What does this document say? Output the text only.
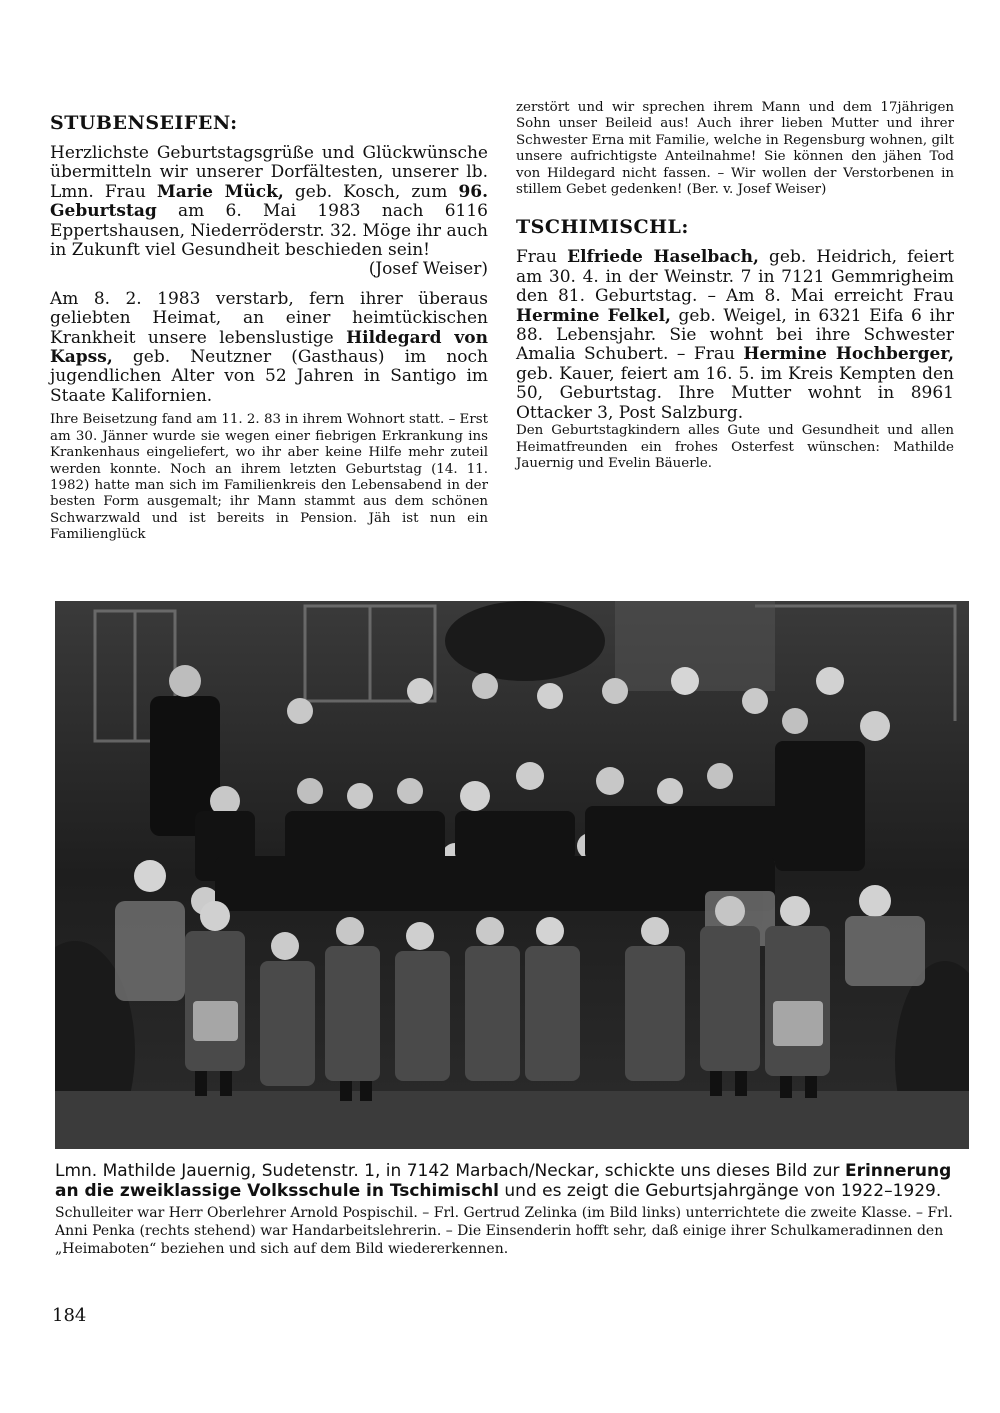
STUBENSEIFEN:

Herzlichste Geburtstagsgrüße und Glückwünsche übermitteln wir unserer Dorfältesten, unserer lb. Lmn. Frau Marie Mück, geb. Kosch, zum 96. Geburtstag am 6. Mai 1983 nach 6116 Eppertshausen, Niederröderstr. 32. Möge ihr auch in Zukunft viel Gesundheit beschieden sein!
(Josef Weiser)

Am 8. 2. 1983 verstarb, fern ihrer überaus geliebten Heimat, an einer heimtückischen Krankheit unsere lebenslustige Hildegard von Kapss, geb. Neutzner (Gasthaus) im noch jugendlichen Alter von 52 Jahren in Santigo im Staate Kalifornien.

Ihre Beisetzung fand am 11. 2. 83 in ihrem Wohnort statt. – Erst am 30. Jänner wurde sie wegen einer fiebrigen Erkrankung ins Krankenhaus eingeliefert, wo ihr aber keine Hilfe mehr zuteil werden konnte. Noch an ihrem letzten Geburtstag (14. 11. 1982) hatte man sich im Familienkreis den Lebensabend in der besten Form ausgemalt; ihr Mann stammt aus dem schönen Schwarzwald und ist bereits in Pension. Jäh ist nun ein Familienglück

zerstört und wir sprechen ihrem Mann und dem 17jährigen Sohn unser Beileid aus! Auch ihrer lieben Mutter und ihrer Schwester Erna mit Familie, welche in Regensburg wohnen, gilt unsere aufrichtigste Anteilnahme! Sie können den jähen Tod von Hildegard nicht fassen. – Wir wollen der Verstorbenen in stillem Gebet gedenken! (Ber. v. Josef Weiser)

TSCHIMISCHL:

Frau Elfriede Haselbach, geb. Heidrich, feiert am 30. 4. in der Weinstr. 7 in 7121 Gemmrigheim den 81. Geburtstag. – Am 8. Mai erreicht Frau Hermine Felkel, geb. Weigel, in 6321 Eifa 6 ihr 88. Lebensjahr. Sie wohnt bei ihre Schwester Amalia Schubert. – Frau Hermine Hochberger, geb. Kauer, feiert am 16. 5. im Kreis Kempten den 50, Geburtstag. Ihre Mutter wohnt in 8961 Ottacker 3, Post Salzburg.

Den Geburtstagkindern alles Gute und Gesundheit und allen Heimatfreunden ein frohes Osterfest wünschen: Mathilde Jauernig und Evelin Bäuerle.

Lmn. Mathilde Jauernig, Sudetenstr. 1, in 7142 Marbach/Neckar, schickte uns dieses Bild zur Erinnerung an die zweiklassige Volksschule in Tschimischl und es zeigt die Geburtsjahrgänge von 1922–1929.

Schulleiter war Herr Oberlehrer Arnold Pospischil. – Frl. Gertrud Zelinka (im Bild links) unterrichtete die zweite Klasse. – Frl. Anni Penka (rechts stehend) war Handarbeitslehrerin. – Die Einsenderin hofft sehr, daß einige ihrer Schulkameradinnen den „Heimaboten“ beziehen und sich auf dem Bild wiedererkennen.

184
